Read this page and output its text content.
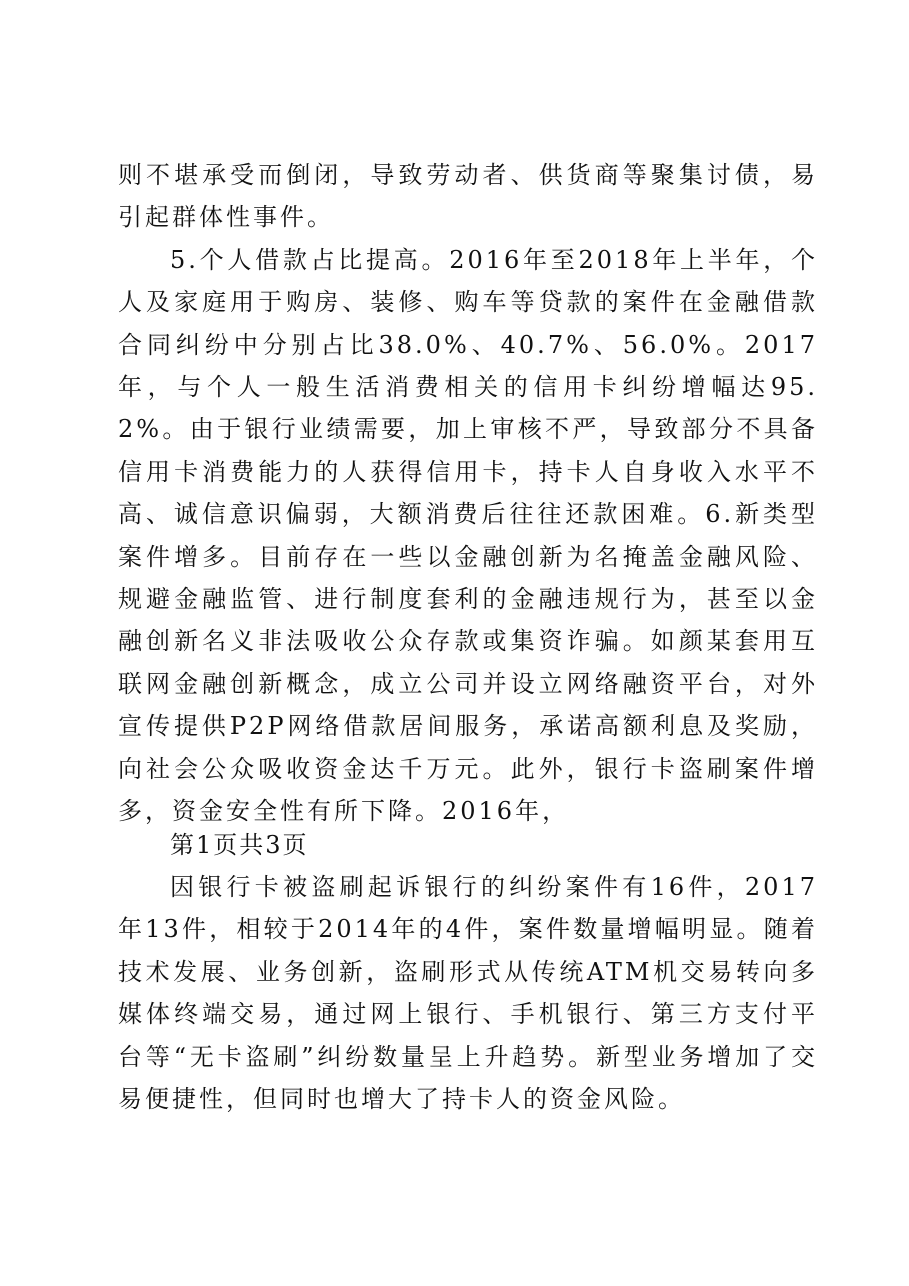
则不堪承受而倒闭，导致劳动者、供货商等聚集讨债，易引起群体性事件。

5.个人借款占比提高。2016年至2018年上半年，个人及家庭用于购房、装修、购车等贷款的案件在金融借款合同纠纷中分别占比38.0%、40.7%、56.0%。2017年，与个人一般生活消费相关的信用卡纠纷增幅达95.2%。由于银行业绩需要，加上审核不严，导致部分不具备信用卡消费能力的人获得信用卡，持卡人自身收入水平不高、诚信意识偏弱，大额消费后往往还款困难。6.新类型案件增多。目前存在一些以金融创新为名掩盖金融风险、规避金融监管、进行制度套利的金融违规行为，甚至以金融创新名义非法吸收公众存款或集资诈骗。如颜某套用互联网金融创新概念，成立公司并设立网络融资平台，对外宣传提供P2P网络借款居间服务，承诺高额利息及奖励，向社会公众吸收资金达千万元。此外，银行卡盗刷案件增多，资金安全性有所下降。2016年，

第1页共3页

因银行卡被盗刷起诉银行的纠纷案件有16件，2017年13件，相较于2014年的4件，案件数量增幅明显。随着技术发展、业务创新，盗刷形式从传统ATM机交易转向多媒体终端交易，通过网上银行、手机银行、第三方支付平台等“无卡盗刷”纠纷数量呈上升趋势。新型业务增加了交易便捷性，但同时也增大了持卡人的资金风险。
